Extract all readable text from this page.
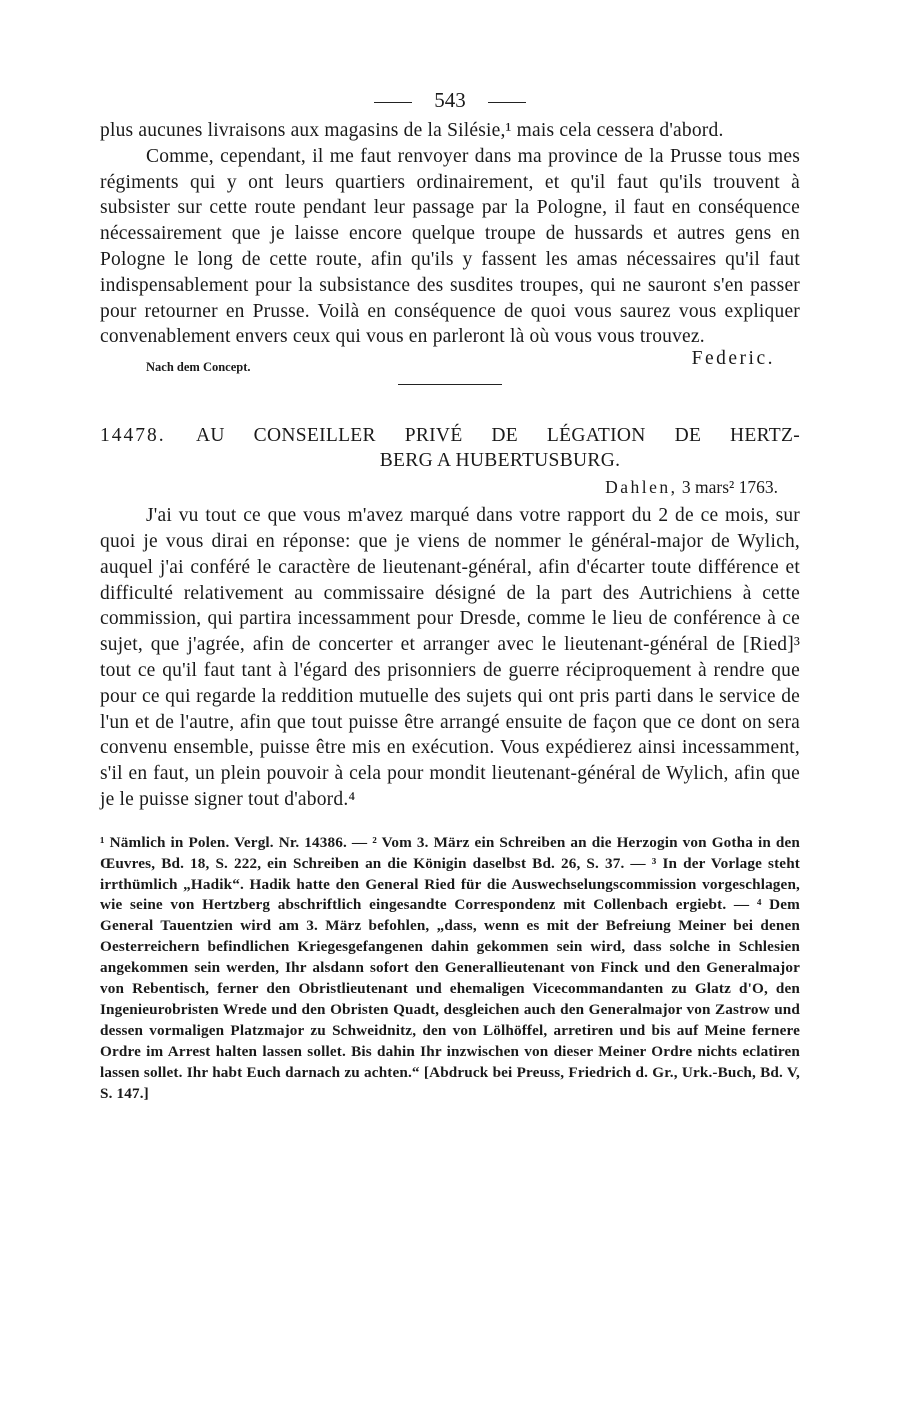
543

plus aucunes livraisons aux magasins de la Silésie,¹ mais cela cessera d'abord.

Comme, cependant, il me faut renvoyer dans ma province de la Prusse tous mes régiments qui y ont leurs quartiers ordinairement, et qu'il faut qu'ils trouvent à subsister sur cette route pendant leur passage par la Pologne, il faut en conséquence nécessairement que je laisse encore quelque troupe de hussards et autres gens en Pologne le long de cette route, afin qu'ils y fassent les amas nécessaires qu'il faut indispensablement pour la subsistance des susdites troupes, qui ne sauront s'en passer pour retourner en Prusse. Voilà en conséquence de quoi vous saurez vous expliquer convenablement envers ceux qui vous en parleront là où vous vous trouvez.

Nach dem Concept.	Federic.
14478.	AU CONSEILLER PRIVÉ DE LÉGATION DE HERTZ-
BERG A HUBERTUSBURG.
Dahlen, 3 mars² 1763.

J'ai vu tout ce que vous m'avez marqué dans votre rapport du 2 de ce mois, sur quoi je vous dirai en réponse: que je viens de nommer le général-major de Wylich, auquel j'ai conféré le caractère de lieutenant-général, afin d'écarter toute différence et difficulté relativement au commissaire désigné de la part des Autrichiens à cette commission, qui partira incessamment pour Dresde, comme le lieu de conférence à ce sujet, que j'agrée, afin de concerter et arranger avec le lieutenant-général de [Ried]³ tout ce qu'il faut tant à l'égard des prisonniers de guerre réciproquement à rendre que pour ce qui regarde la reddition mutuelle des sujets qui ont pris parti dans le service de l'un et de l'autre, afin que tout puisse être arrangé ensuite de façon que ce dont on sera convenu ensemble, puisse être mis en exécution. Vous expédierez ainsi incessamment, s'il en faut, un plein pouvoir à cela pour mondit lieutenant-général de Wylich, afin que je le puisse signer tout d'abord.⁴

¹ Nämlich in Polen. Vergl. Nr. 14386. — ² Vom 3. März ein Schreiben an die Herzogin von Gotha in den Œuvres, Bd. 18, S. 222, ein Schreiben an die Königin daselbst Bd. 26, S. 37. — ³ In der Vorlage steht irrthümlich „Hadik“. Hadik hatte den General Ried für die Auswechselungscommission vorgeschlagen, wie seine von Hertzberg abschriftlich eingesandte Correspondenz mit Collenbach ergiebt. — ⁴ Dem General Tauentzien wird am 3. März befohlen, „dass, wenn es mit der Befreiung Meiner bei denen Oesterreichern befindlichen Kriegesgefangenen dahin gekommen sein wird, dass solche in Schlesien angekommen sein werden, Ihr alsdann sofort den Generallieutenant von Finck und den Generalmajor von Rebentisch, ferner den Obristlieutenant und ehemaligen Vicecommandanten zu Glatz d'O, den Ingenieurobristen Wrede und den Obristen Quadt, desgleichen auch den Generalmajor von Zastrow und dessen vormaligen Platzmajor zu Schweidnitz, den von Lölhöffel, arretiren und bis auf Meine fernere Ordre im Arrest halten lassen sollet. Bis dahin Ihr inzwischen von dieser Meiner Ordre nichts eclatiren lassen sollet. Ihr habt Euch darnach zu achten.“ [Abdruck bei Preuss, Friedrich d. Gr., Urk.-Buch, Bd. V, S. 147.]
